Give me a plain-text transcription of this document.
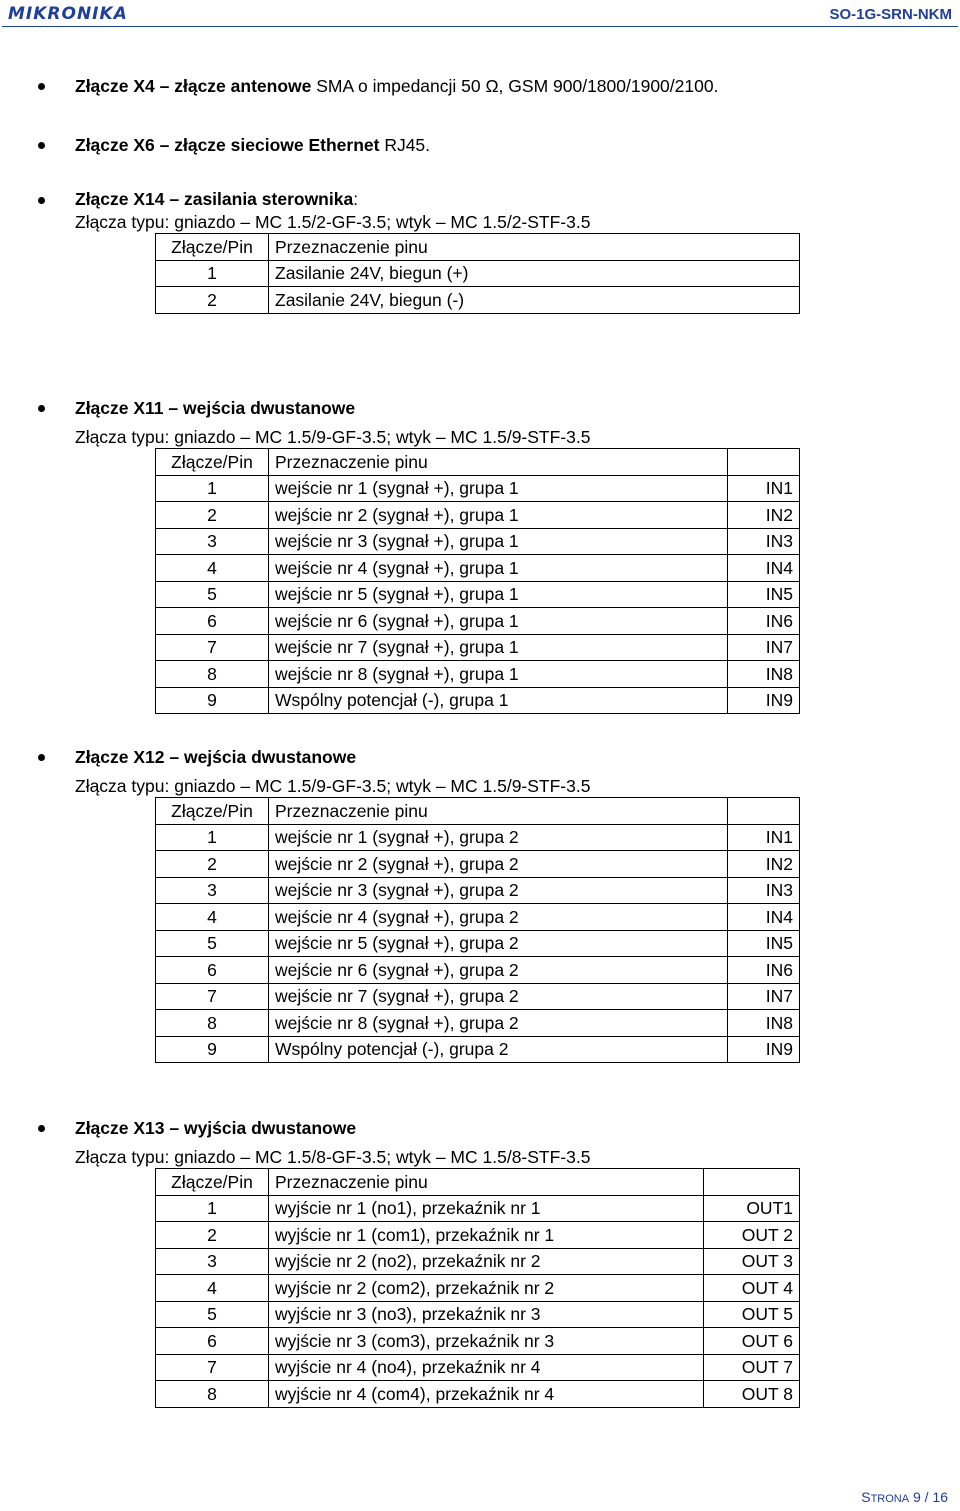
MIKRONIKA	SO-1G-SRN-NKM
Złącze X4 – złącze antenowe SMA o impedancji 50 Ω, GSM 900/1800/1900/2100.
Złącze X6 – złącze sieciowe Ethernet RJ45.
Złącze X14 – zasilania sterownika:
Złącza typu: gniazdo – MC 1.5/2-GF-3.5; wtyk – MC 1.5/2-STF-3.5
Złącze/Pin	Przeznaczenie pinu
1	Zasilanie 24V, biegun (+)
2	Zasilanie 24V, biegun (-)
Złącze X11 – wejścia dwustanowe
Złącza typu: gniazdo – MC 1.5/9-GF-3.5; wtyk – MC 1.5/9-STF-3.5
Złącze/Pin	Przeznaczenie pinu	
1	wejście nr 1 (sygnał +), grupa 1	IN1
2	wejście nr 2 (sygnał +), grupa 1	IN2
3	wejście nr 3 (sygnał +), grupa 1	IN3
4	wejście nr 4 (sygnał +), grupa 1	IN4
5	wejście nr 5 (sygnał +), grupa 1	IN5
6	wejście nr 6 (sygnał +), grupa 1	IN6
7	wejście nr 7 (sygnał +), grupa 1	IN7
8	wejście nr 8 (sygnał +), grupa 1	IN8
9	Wspólny potencjał (-), grupa 1	IN9
Złącze X12 – wejścia dwustanowe
Złącza typu: gniazdo – MC 1.5/9-GF-3.5; wtyk – MC 1.5/9-STF-3.5
Złącze/Pin	Przeznaczenie pinu	
1	wejście nr 1 (sygnał +), grupa 2	IN1
2	wejście nr 2 (sygnał +), grupa 2	IN2
3	wejście nr 3 (sygnał +), grupa 2	IN3
4	wejście nr 4 (sygnał +), grupa 2	IN4
5	wejście nr 5 (sygnał +), grupa 2	IN5
6	wejście nr 6 (sygnał +), grupa 2	IN6
7	wejście nr 7 (sygnał +), grupa 2	IN7
8	wejście nr 8 (sygnał +), grupa 2	IN8
9	Wspólny potencjał (-), grupa 2	IN9
Złącze X13 – wyjścia dwustanowe
Złącza typu: gniazdo – MC 1.5/8-GF-3.5; wtyk – MC 1.5/8-STF-3.5
Złącze/Pin	Przeznaczenie pinu	
1	wyjście nr 1 (no1), przekaźnik nr 1	OUT1
2	wyjście nr 1 (com1), przekaźnik nr 1	OUT 2
3	wyjście nr 2 (no2), przekaźnik nr 2	OUT 3
4	wyjście nr 2 (com2), przekaźnik nr 2	OUT 4
5	wyjście nr 3 (no3), przekaźnik nr 3	OUT 5
6	wyjście nr 3 (com3), przekaźnik nr 3	OUT 6
7	wyjście nr 4 (no4), przekaźnik nr 4	OUT 7
8	wyjście nr 4 (com4), przekaźnik nr 4	OUT 8
STRONA 9 / 16
